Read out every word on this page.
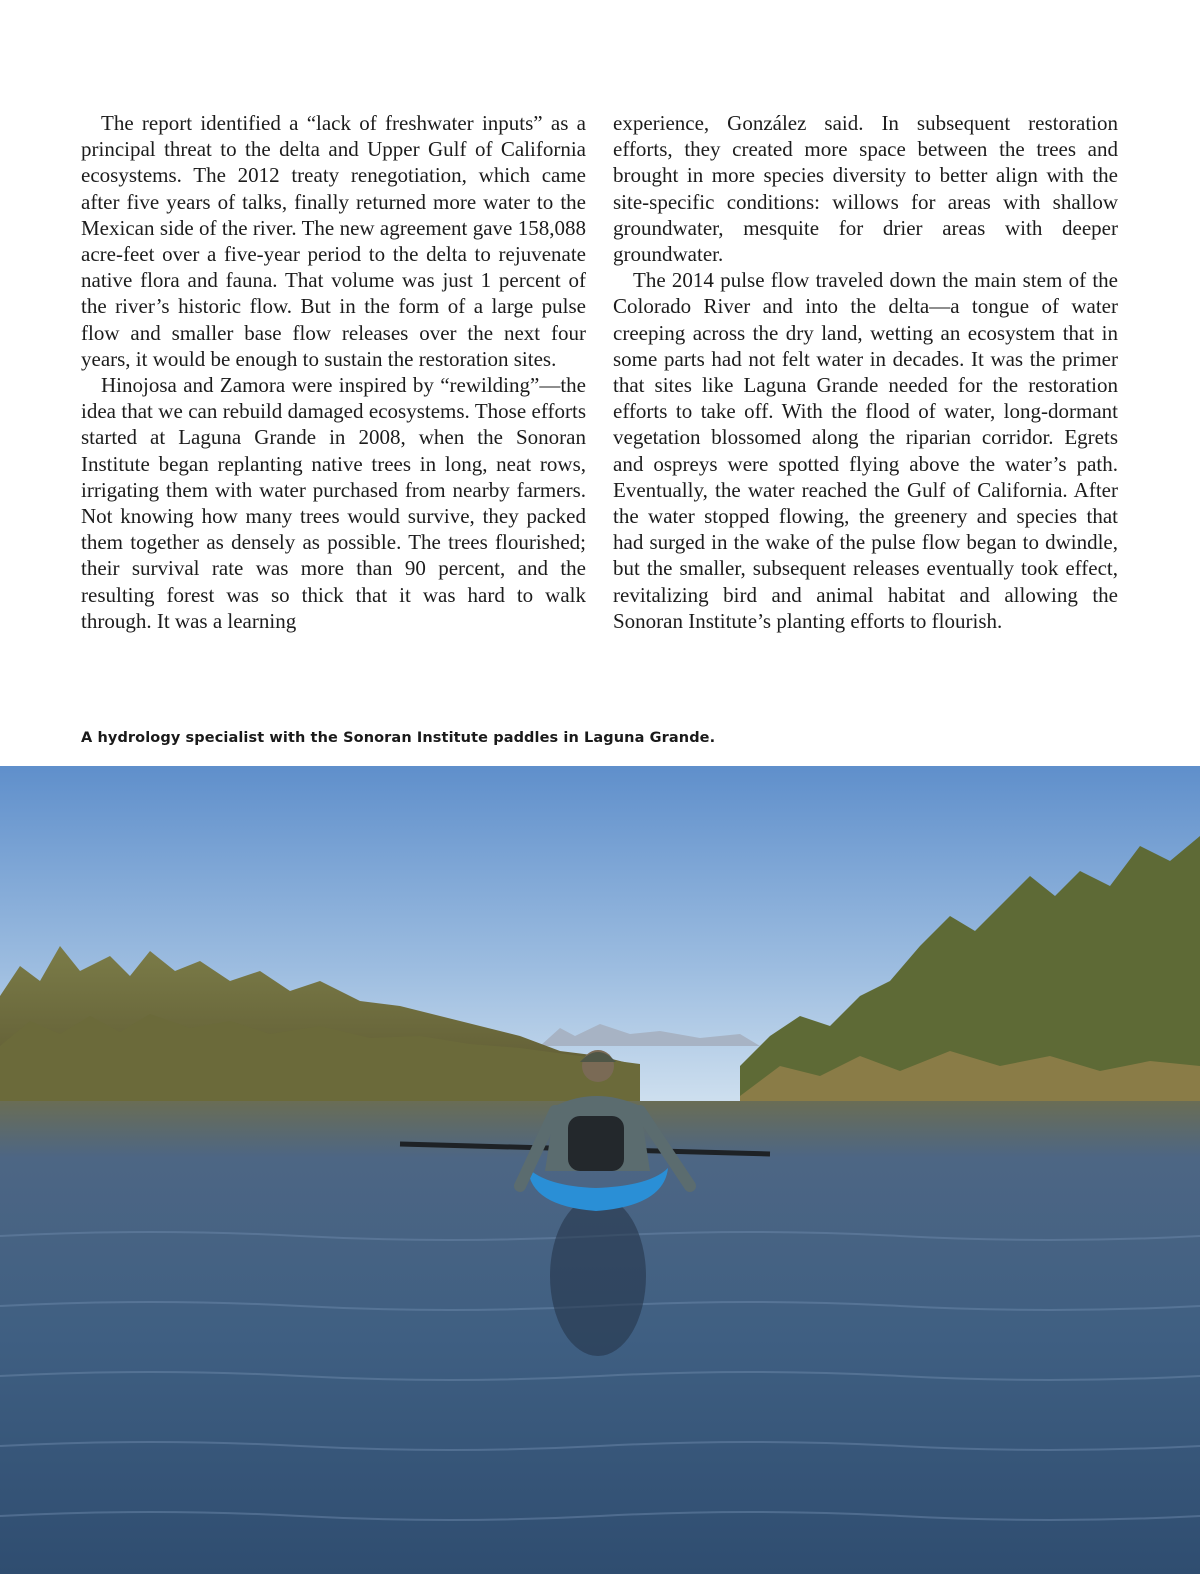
The report identified a “lack of freshwater inputs” as a principal threat to the delta and Upper Gulf of California ecosystems. The 2012 treaty renegotiation, which came after five years of talks, finally returned more water to the Mexican side of the river. The new agreement gave 158,088 acre-feet over a five-year period to the delta to rejuvenate native flora and fauna. That volume was just 1 percent of the river’s historic flow. But in the form of a large pulse flow and smaller base flow releases over the next four years, it would be enough to sustain the restoration sites.

Hinojosa and Zamora were inspired by “rewilding”—the idea that we can rebuild damaged ecosystems. Those efforts started at Laguna Grande in 2008, when the Sonoran Institute began replanting native trees in long, neat rows, irrigating them with water purchased from nearby farmers. Not knowing how many trees would survive, they packed them together as densely as possible. The trees flourished; their survival rate was more than 90 percent, and the resulting forest was so thick that it was hard to walk through. It was a learning

experience, González said. In subsequent restoration efforts, they created more space between the trees and brought in more species diversity to better align with the site-specific conditions: willows for areas with shallow groundwater, mesquite for drier areas with deeper groundwater.

The 2014 pulse flow traveled down the main stem of the Colorado River and into the delta—a tongue of water creeping across the dry land, wetting an ecosystem that in some parts had not felt water in decades. It was the primer that sites like Laguna Grande needed for the restoration efforts to take off. With the flood of water, long-dormant vegetation blossomed along the riparian corridor. Egrets and ospreys were spotted flying above the water’s path. Eventually, the water reached the Gulf of California. After the water stopped flowing, the greenery and species that had surged in the wake of the pulse flow began to dwindle, but the smaller, subsequent releases eventually took effect, revitalizing bird and animal habitat and allowing the Sonoran Institute’s planting efforts to flourish.

A hydrology specialist with the Sonoran Institute paddles in Laguna Grande.
